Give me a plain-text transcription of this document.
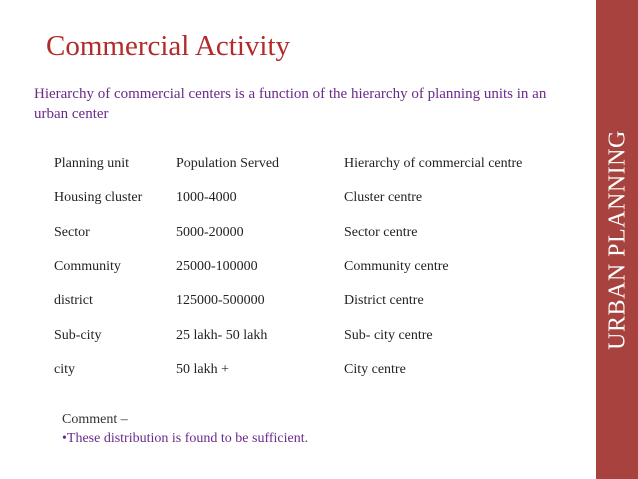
Commercial Activity
Hierarchy of commercial centers is a function of the hierarchy of planning units in an urban center
Planning unit	Population Served	Hierarchy of commercial centre
Housing cluster	1000-4000	Cluster centre
Sector	5000-20000	Sector centre
Community	25000-100000	Community centre
district	125000-500000	District centre
Sub-city	25 lakh- 50 lakh	Sub- city centre
city	50 lakh +	City centre
Comment –
•These distribution is found to be sufficient.
URBAN PLANNING
